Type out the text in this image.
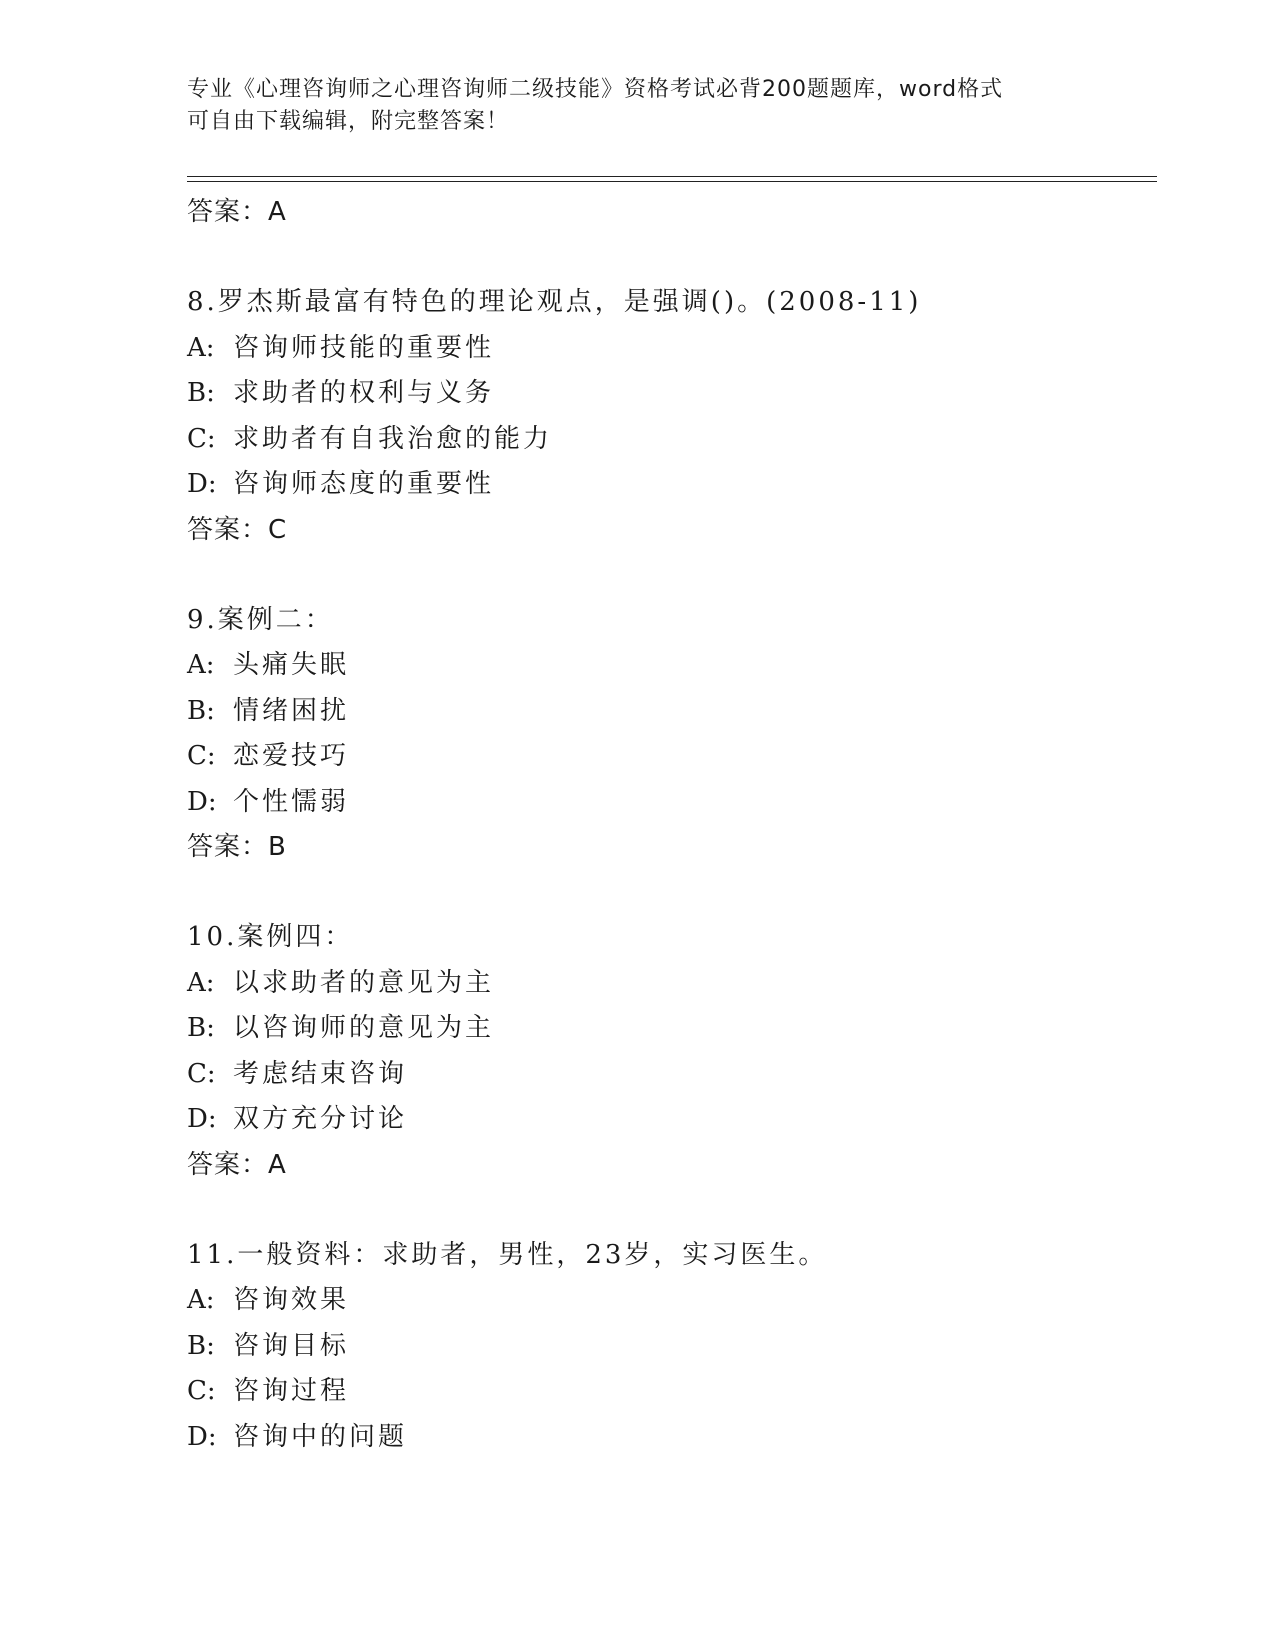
专业《心理咨询师之心理咨询师二级技能》资格考试必背200题题库，word格式
可自由下载编辑，附完整答案！
答案：A
8.罗杰斯最富有特色的理论观点，是强调()。(2008-11)
A: 咨询师技能的重要性
B: 求助者的权利与义务
C: 求助者有自我治愈的能力
D: 咨询师态度的重要性
答案：C
9.案例二：
A: 头痛失眠
B: 情绪困扰
C: 恋爱技巧
D: 个性懦弱
答案：B
10.案例四：
A: 以求助者的意见为主
B: 以咨询师的意见为主
C: 考虑结束咨询
D: 双方充分讨论
答案：A
11.一般资料：求助者，男性，23岁，实习医生。
A: 咨询效果
B: 咨询目标
C: 咨询过程
D: 咨询中的问题
